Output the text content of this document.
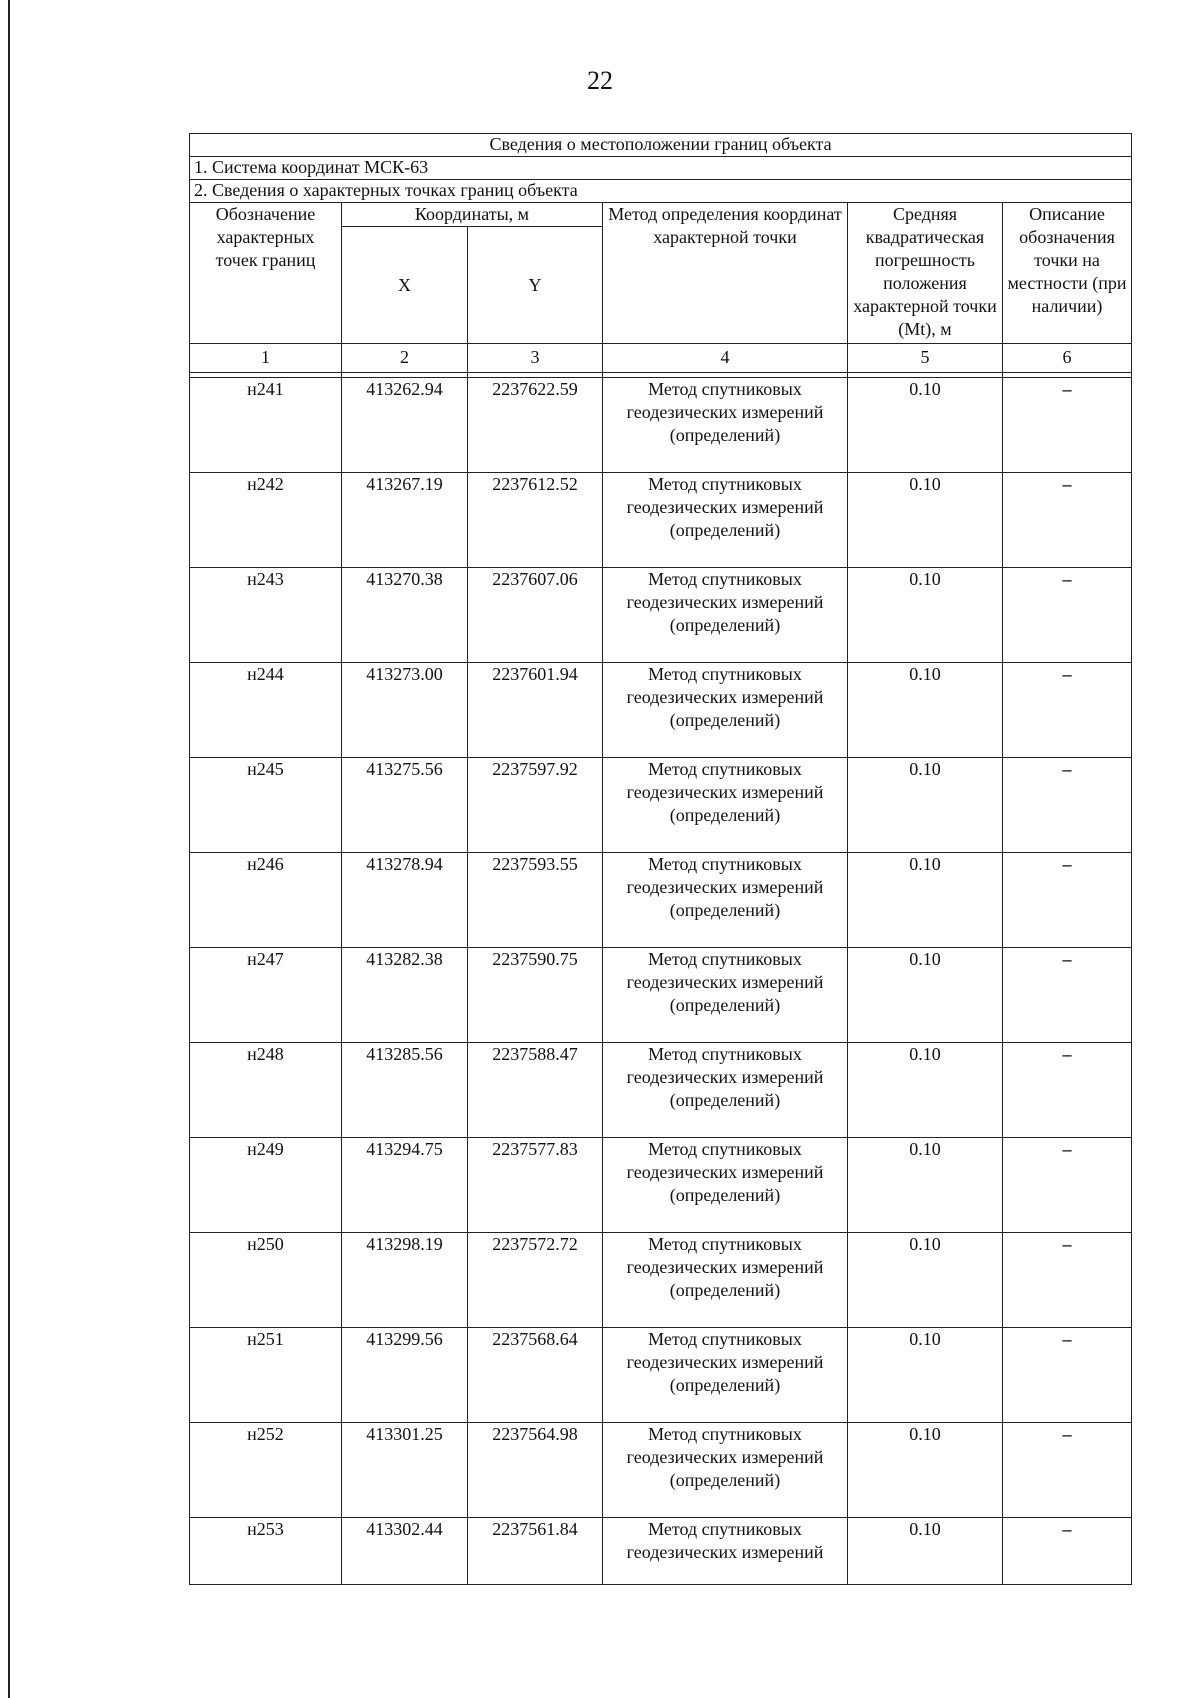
22
Сведения о местоположении границ объекта					
1. Система координат МСК-63					
2. Сведения о характерных точках границ объекта					
Обозначение характерных точек границ	Координаты, м		Метод определения координат характерной точки	Средняя квадратическая погрешность положения характерной точки (Mt), м	Описание обозначения точки на местности (при наличии)
	X	Y			
1	2	3	4	5	6

н241	413262.94	2237622.59	Метод спутниковых геодезических измерений (определений)	0.10	–
н242	413267.19	2237612.52	Метод спутниковых геодезических измерений (определений)	0.10	–
н243	413270.38	2237607.06	Метод спутниковых геодезических измерений (определений)	0.10	–
н244	413273.00	2237601.94	Метод спутниковых геодезических измерений (определений)	0.10	–
н245	413275.56	2237597.92	Метод спутниковых геодезических измерений (определений)	0.10	–
н246	413278.94	2237593.55	Метод спутниковых геодезических измерений (определений)	0.10	–
н247	413282.38	2237590.75	Метод спутниковых геодезических измерений (определений)	0.10	–
н248	413285.56	2237588.47	Метод спутниковых геодезических измерений (определений)	0.10	–
н249	413294.75	2237577.83	Метод спутниковых геодезических измерений (определений)	0.10	–
н250	413298.19	2237572.72	Метод спутниковых геодезических измерений (определений)	0.10	–
н251	413299.56	2237568.64	Метод спутниковых геодезических измерений (определений)	0.10	–
н252	413301.25	2237564.98	Метод спутниковых геодезических измерений (определений)	0.10	–
н253	413302.44	2237561.84	Метод спутниковых геодезических измерений	0.10	–
